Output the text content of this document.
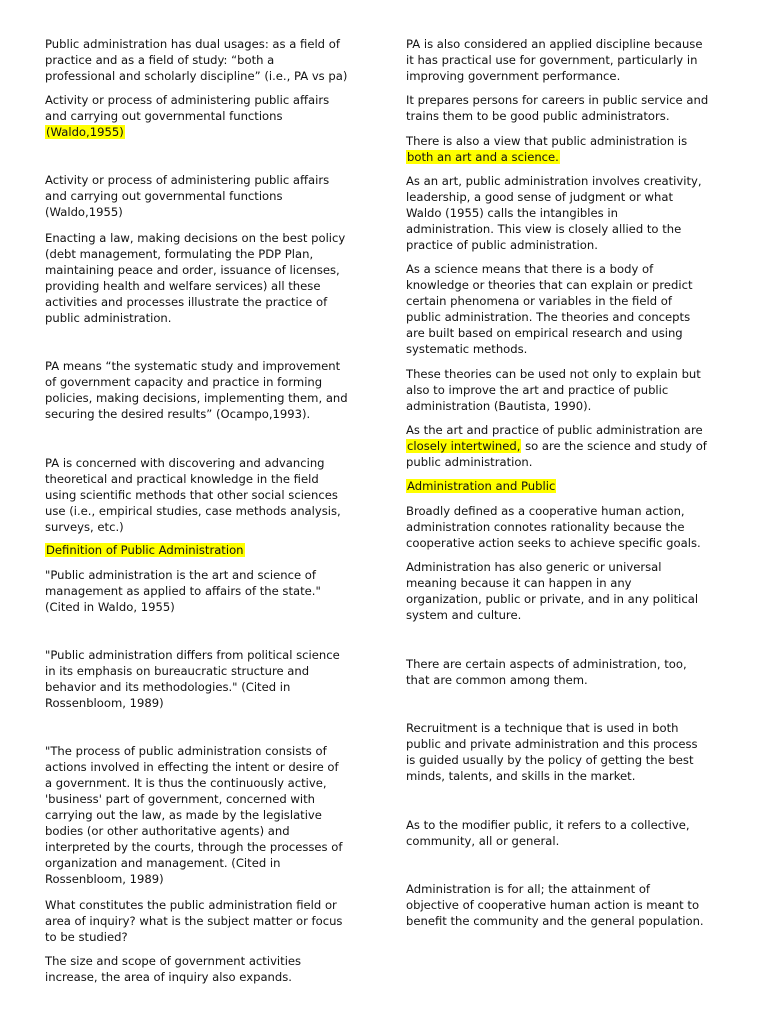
Public administration has dual usages: as a field of
practice and as a field of study: “both a
professional and scholarly discipline” (i.e., PA vs pa)

Activity or process of administering public affairs
and carrying out governmental functions
(Waldo,1955)

Activity or process of administering public affairs
and carrying out governmental functions
(Waldo,1955)

Enacting a law, making decisions on the best policy
(debt management, formulating the PDP Plan,
maintaining peace and order, issuance of licenses,
providing health and welfare services) all these
activities and processes illustrate the practice of
public administration.

PA means “the systematic study and improvement
of government capacity and practice in forming
policies, making decisions, implementing them, and
securing the desired results” (Ocampo,1993).

PA is concerned with discovering and advancing
theoretical and practical knowledge in the field
using scientific methods that other social sciences
use (i.e., empirical studies, case methods analysis,
surveys, etc.)

Definition of Public Administration

"Public administration is the art and science of
management as applied to affairs of the state."
(Cited in Waldo, 1955)

"Public administration differs from political science
in its emphasis on bureaucratic structure and
behavior and its methodologies." (Cited in
Rossenbloom, 1989)

"The process of public administration consists of
actions involved in effecting the intent or desire of
a government. It is thus the continuously active,
'business' part of government, concerned with
carrying out the law, as made by the legislative
bodies (or other authoritative agents) and
interpreted by the courts, through the processes of
organization and management. (Cited in
Rossenbloom, 1989)

What constitutes the public administration field or
area of inquiry? what is the subject matter or focus
to be studied?

The size and scope of government activities
increase, the area of inquiry also expands.

PA is also considered an applied discipline because
it has practical use for government, particularly in
improving government performance.

It prepares persons for careers in public service and
trains them to be good public administrators.

There is also a view that public administration is
both an art and a science.

As an art, public administration involves creativity,
leadership, a good sense of judgment or what
Waldo (1955) calls the intangibles in
administration. This view is closely allied to the
practice of public administration.

As a science means that there is a body of
knowledge or theories that can explain or predict
certain phenomena or variables in the field of
public administration. The theories and concepts
are built based on empirical research and using
systematic methods.

These theories can be used not only to explain but
also to improve the art and practice of public
administration (Bautista, 1990).

As the art and practice of public administration are
closely intertwined, so are the science and study of
public administration.

Administration and Public

Broadly defined as a cooperative human action,
administration connotes rationality because the
cooperative action seeks to achieve specific goals.

Administration has also generic or universal
meaning because it can happen in any
organization, public or private, and in any political
system and culture.

There are certain aspects of administration, too,
that are common among them.

Recruitment is a technique that is used in both
public and private administration and this process
is guided usually by the policy of getting the best
minds, talents, and skills in the market.

As to the modifier public, it refers to a collective,
community, all or general.

Administration is for all; the attainment of
objective of cooperative human action is meant to
benefit the community and the general population.
